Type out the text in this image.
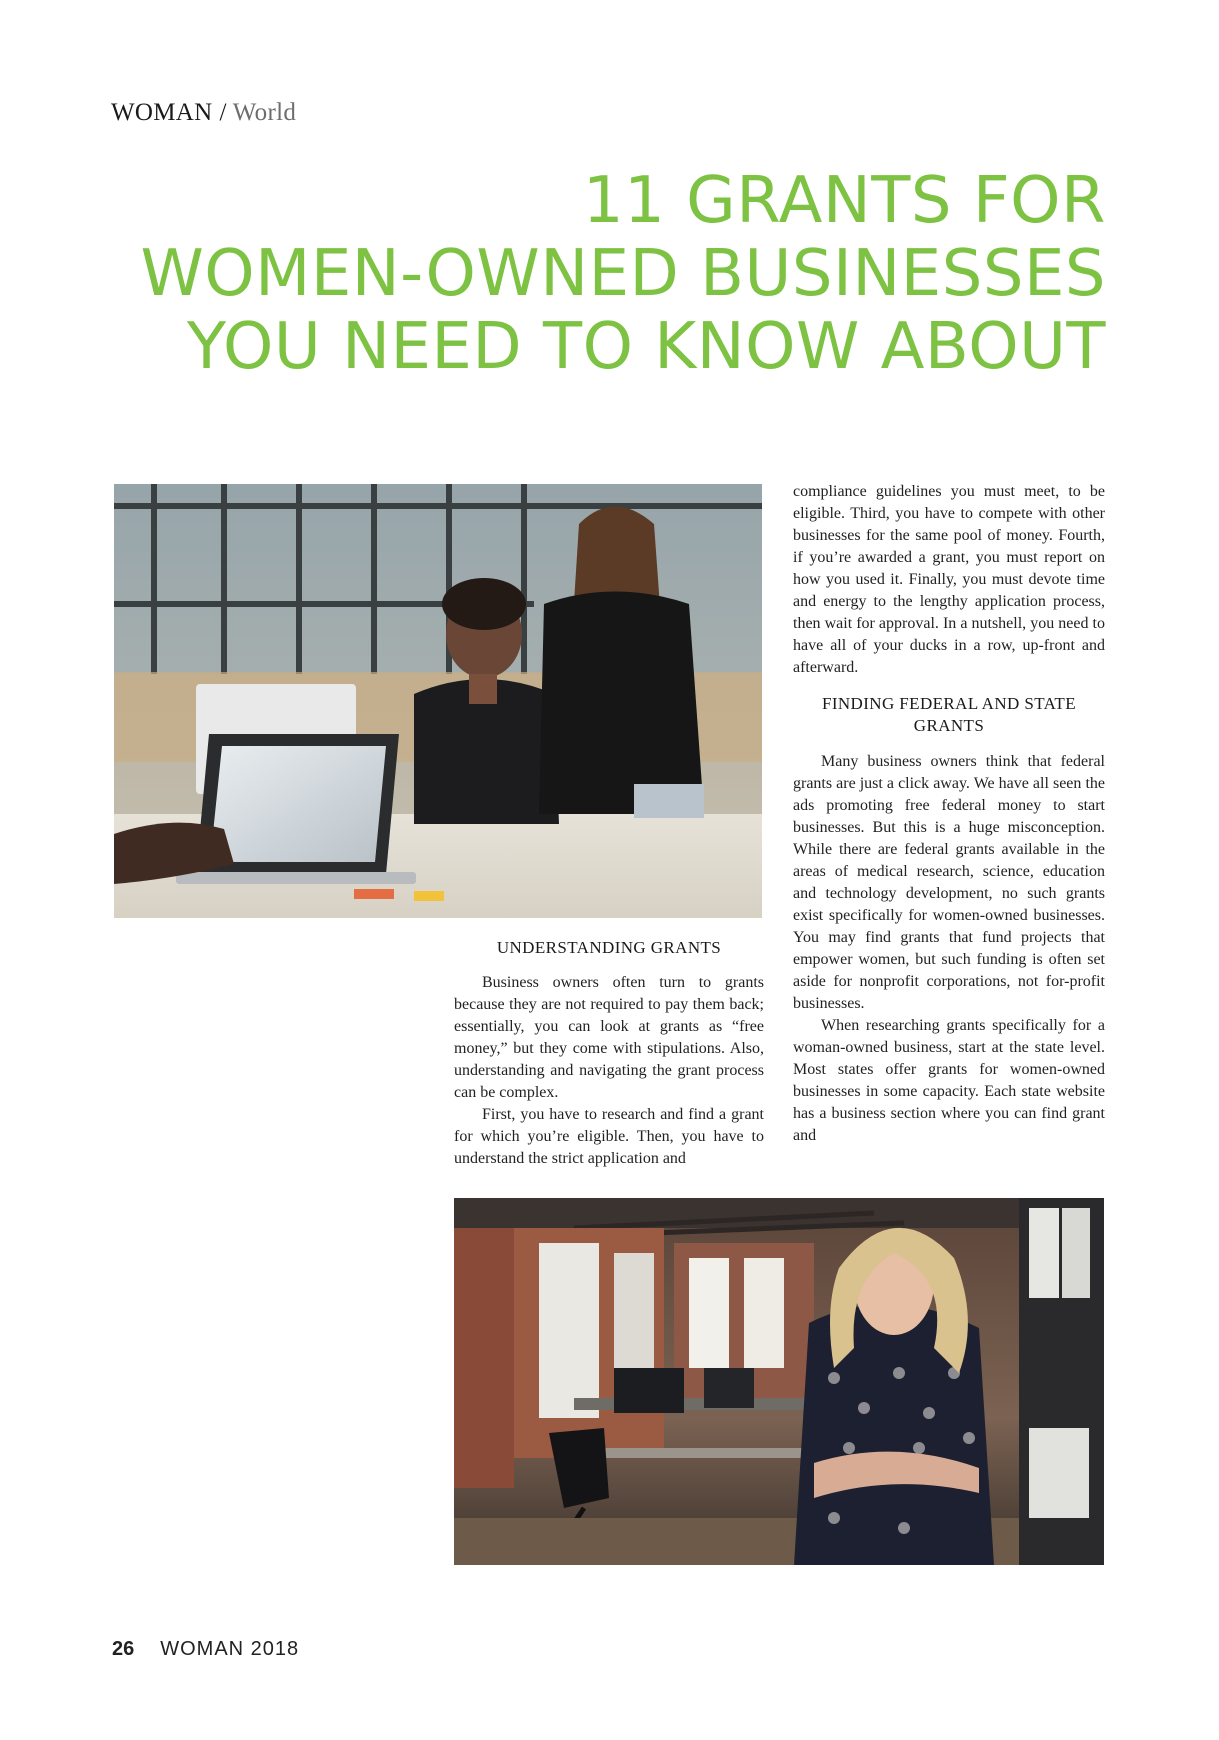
WOMAN / World
11 GRANTS FOR
WOMEN-OWNED BUSINESSES
YOU NEED TO KNOW ABOUT

UNDERSTANDING GRANTS

Business owners often turn to grants because they are not required to pay them back; essentially, you can look at grants as “free money,” but they come with stipulations. Also, understanding and navigating the grant process can be complex.

First, you have to research and find a grant for which you’re eligible. Then, you have to understand the strict application and

compliance guidelines you must meet, to be eligible. Third, you have to compete with other businesses for the same pool of money. Fourth, if you’re awarded a grant, you must report on how you used it. Finally, you must devote time and energy to the lengthy application process, then wait for approval. In a nutshell, you need to have all of your ducks in a row, up-front and afterward.

FINDING FEDERAL AND STATE GRANTS

Many business owners think that federal grants are just a click away. We have all seen the ads promoting free federal money to start businesses. But this is a huge misconception. While there are federal grants available in the areas of medical research, science, education and technology development, no such grants exist specifically for women-owned businesses. You may find grants that fund projects that empower women, but such funding is often set aside for nonprofit corporations, not for-profit businesses.

When researching grants specifically for a woman-owned business, start at the state level. Most states offer grants for women-owned businesses in some capacity. Each state website has a business section where you can find grant and

26 WOMAN 2018
